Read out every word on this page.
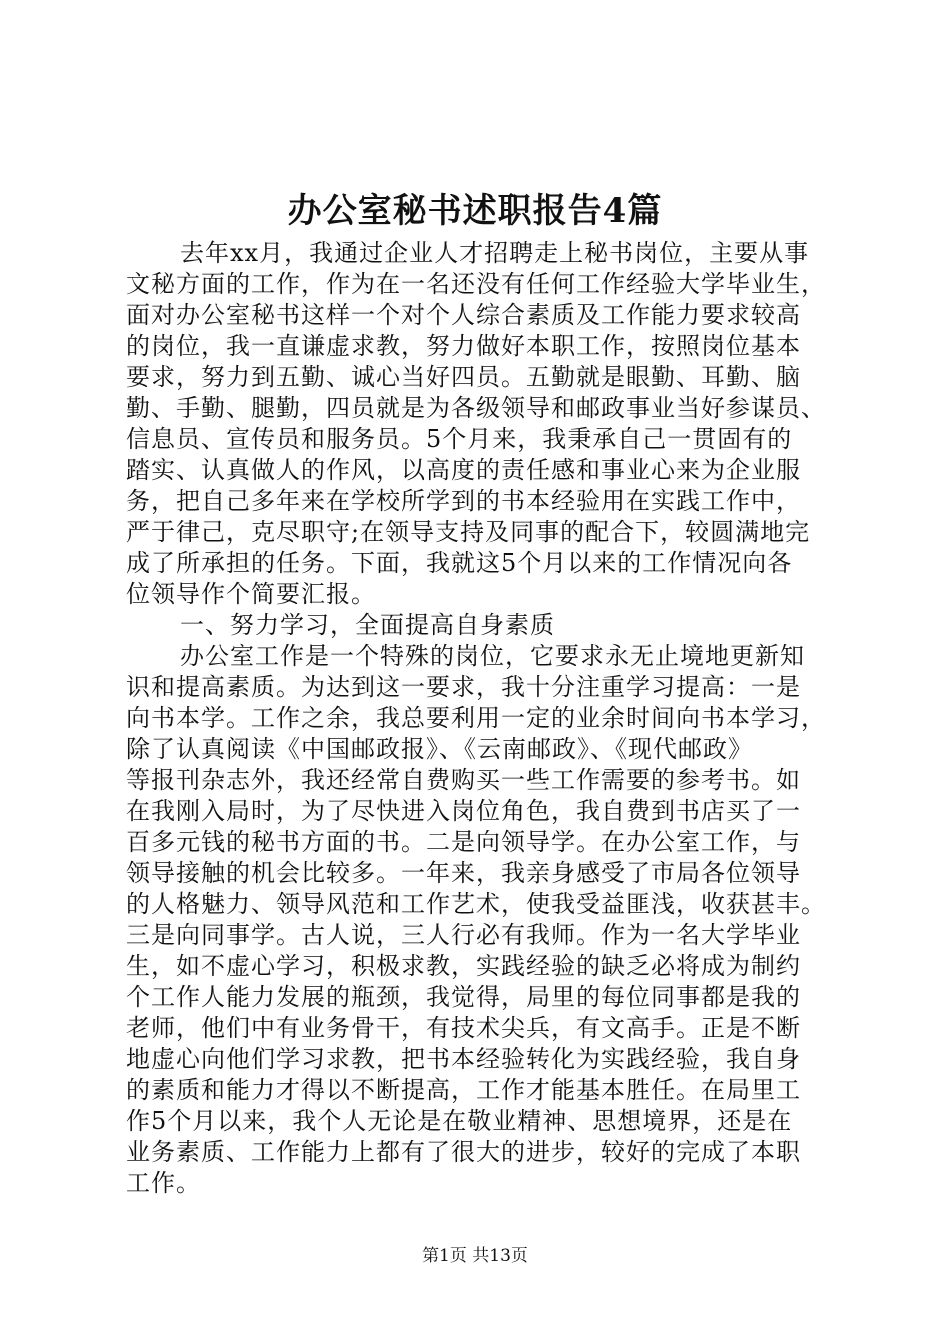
办公室秘书述职报告4篇
去年xx月，我通过企业人才招聘走上秘书岗位，主要从事
文秘方面的工作，作为在一名还没有任何工作经验大学毕业生，
面对办公室秘书这样一个对个人综合素质及工作能力要求较高
的岗位，我一直谦虚求教，努力做好本职工作，按照岗位基本
要求，努力到五勤、诚心当好四员。五勤就是眼勤、耳勤、脑
勤、手勤、腿勤，四员就是为各级领导和邮政事业当好参谋员、
信息员、宣传员和服务员。5个月来，我秉承自己一贯固有的
踏实、认真做人的作风，以高度的责任感和事业心来为企业服
务，把自己多年来在学校所学到的书本经验用在实践工作中，
严于律己，克尽职守;在领导支持及同事的配合下，较圆满地完
成了所承担的任务。下面，我就这5个月以来的工作情况向各
位领导作个简要汇报。
一、努力学习，全面提高自身素质
办公室工作是一个特殊的岗位，它要求永无止境地更新知
识和提高素质。为达到这一要求，我十分注重学习提高：一是
向书本学。工作之余，我总要利用一定的业余时间向书本学习，
除了认真阅读《中国邮政报》、《云南邮政》、《现代邮政》
等报刊杂志外，我还经常自费购买一些工作需要的参考书。如
在我刚入局时，为了尽快进入岗位角色，我自费到书店买了一
百多元钱的秘书方面的书。二是向领导学。在办公室工作，与
领导接触的机会比较多。一年来，我亲身感受了市局各位领导
的人格魅力、领导风范和工作艺术，使我受益匪浅，收获甚丰。
三是向同事学。古人说，三人行必有我师。作为一名大学毕业
生，如不虚心学习，积极求教，实践经验的缺乏必将成为制约
个工作人能力发展的瓶颈，我觉得，局里的每位同事都是我的
老师，他们中有业务骨干，有技术尖兵，有文高手。正是不断
地虚心向他们学习求教，把书本经验转化为实践经验，我自身
的素质和能力才得以不断提高，工作才能基本胜任。在局里工
作5个月以来，我个人无论是在敬业精神、思想境界，还是在
业务素质、工作能力上都有了很大的进步，较好的完成了本职
工作。
第1页 共13页
